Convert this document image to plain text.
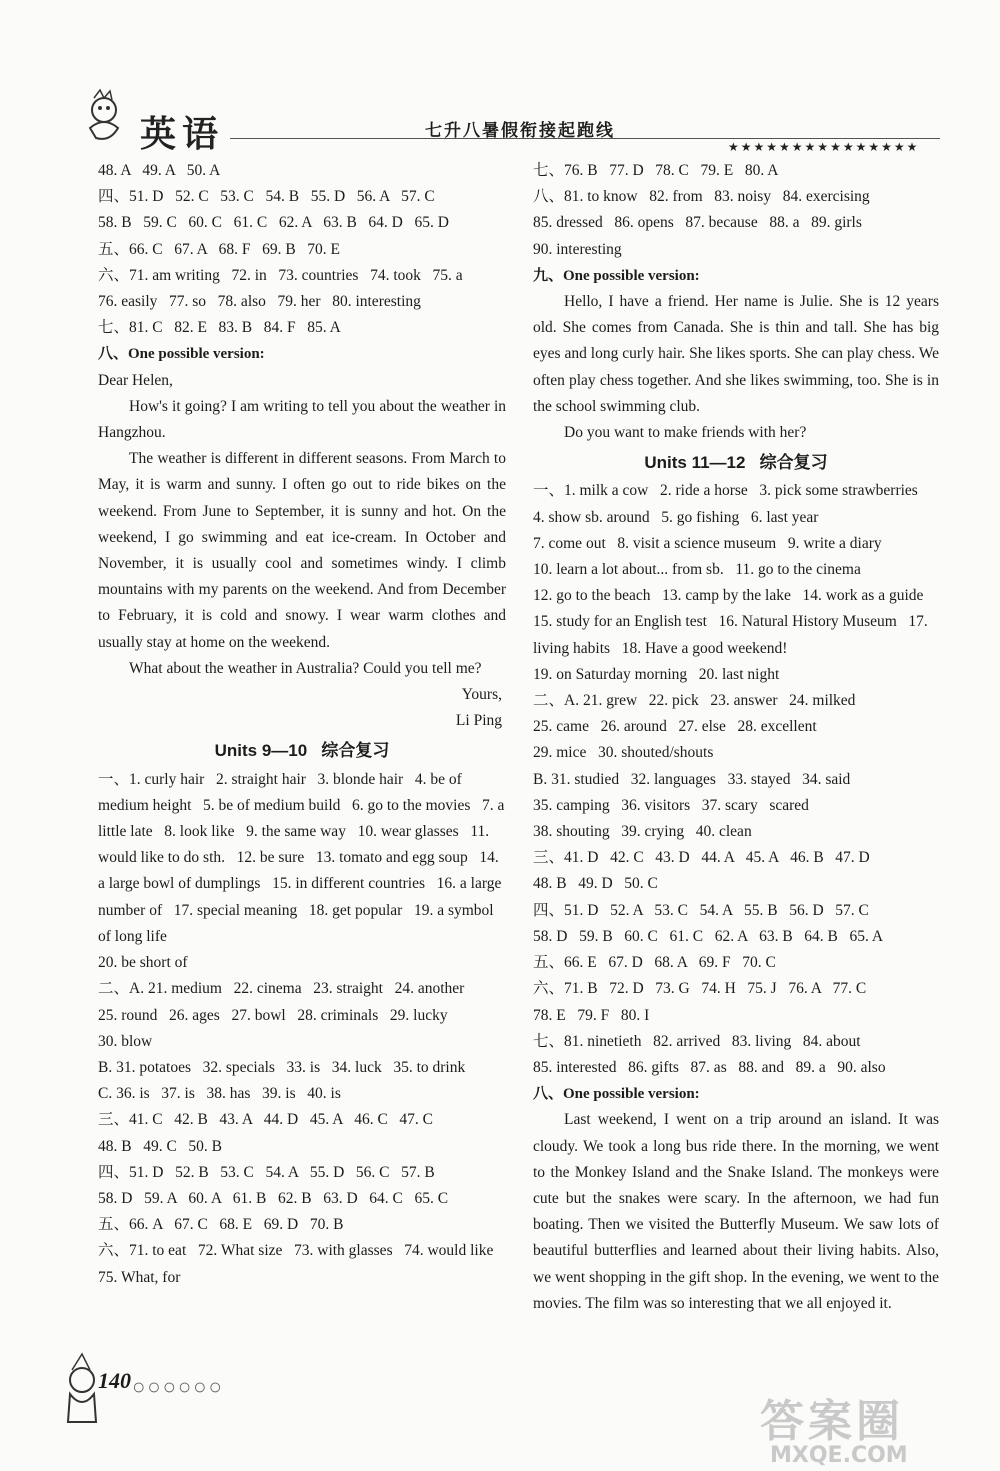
英语	七升八暑假衔接起跑线
★★★★★★★★★★★★★★★

48. A   49. A   50. A

四、51. D   52. C   53. C   54. B   55. D   56. A   57. C

58. B   59. C   60. C   61. C   62. A   63. B   64. D   65. D

五、66. C   67. A   68. F   69. B   70. E

六、71. am writing   72. in   73. countries   74. took   75. a

76. easily   77. so   78. also   79. her   80. interesting

七、81. C   82. E   83. B   84. F   85. A

八、One possible version:

Dear Helen,

How's it going? I am writing to tell you about the weather in Hangzhou.

The weather is different in different seasons. From March to May, it is warm and sunny. I often go out to ride bikes on the weekend. From June to September, it is sunny and hot. On the weekend, I go swimming and eat ice-cream. In October and November, it is usually cool and sometimes windy. I climb mountains with my parents on the weekend. And from December to February, it is cold and snowy. I wear warm clothes and usually stay at home on the weekend.

What about the weather in Australia? Could you tell me?

Yours,

Li Ping

Units 9—10   综合复习

一、1. curly hair   2. straight hair   3. blonde hair   4. be of medium height   5. be of medium build   6. go to the movies   7. a little late   8. look like   9. the same way   10. wear glasses   11. would like to do sth.   12. be sure   13. tomato and egg soup   14. a large bowl of dumplings   15. in different countries   16. a large number of   17. special meaning   18. get popular   19. a symbol of long life

20. be short of

二、A. 21. medium   22. cinema   23. straight   24. another

25. round   26. ages   27. bowl   28. criminals   29. lucky

30. blow

B. 31. potatoes   32. specials   33. is   34. luck   35. to drink

C. 36. is   37. is   38. has   39. is   40. is

三、41. C   42. B   43. A   44. D   45. A   46. C   47. C

48. B   49. C   50. B

四、51. D   52. B   53. C   54. A   55. D   56. C   57. B

58. D   59. A   60. A   61. B   62. B   63. D   64. C   65. C

五、66. A   67. C   68. E   69. D   70. B

六、71. to eat   72. What size   73. with glasses   74. would like   75. What, for

七、76. B   77. D   78. C   79. E   80. A

八、81. to know   82. from   83. noisy   84. exercising

85. dressed   86. opens   87. because   88. a   89. girls

90. interesting

九、One possible version:

Hello, I have a friend. Her name is Julie. She is 12 years old. She comes from Canada. She is thin and tall. She has big eyes and long curly hair. She likes sports. She can play chess. We often play chess together. And she likes swimming, too. She is in the school swimming club.

Do you want to make friends with her?

Units 11—12   综合复习

一、1. milk a cow   2. ride a horse   3. pick some strawberries   4. show sb. around   5. go fishing   6. last year

7. come out   8. visit a science museum   9. write a diary

10. learn a lot about... from sb.   11. go to the cinema

12. go to the beach   13. camp by the lake   14. work as a guide   15. study for an English test   16. Natural History Museum   17. living habits   18. Have a good weekend!

19. on Saturday morning   20. last night

二、A. 21. grew   22. pick   23. answer   24. milked

25. came   26. around   27. else   28. excellent

29. mice   30. shouted/shouts

B. 31. studied   32. languages   33. stayed   34. said

35. camping   36. visitors   37. scary   scared

38. shouting   39. crying   40. clean

三、41. D   42. C   43. D   44. A   45. A   46. B   47. D

48. B   49. D   50. C

四、51. D   52. A   53. C   54. A   55. B   56. D   57. C

58. D   59. B   60. C   61. C   62. A   63. B   64. B   65. A

五、66. E   67. D   68. A   69. F   70. C

六、71. B   72. D   73. G   74. H   75. J   76. A   77. C

78. E   79. F   80. I

七、81. ninetieth   82. arrived   83. living   84. about

85. interested   86. gifts   87. as   88. and   89. a   90. also

八、One possible version:

Last weekend, I went on a trip around an island. It was cloudy. We took a long bus ride there. In the morning, we went to the Monkey Island and the Snake Island. The monkeys were cute but the snakes were scary. In the afternoon, we had fun boating. Then we visited the Butterfly Museum. We saw lots of beautiful butterflies and learned about their living habits. Also, we went shopping in the gift shop. In the evening, we went to the movies. The film was so interesting that we all enjoyed it.

140 ○○○○○○
答案圈
MXQE.COM
